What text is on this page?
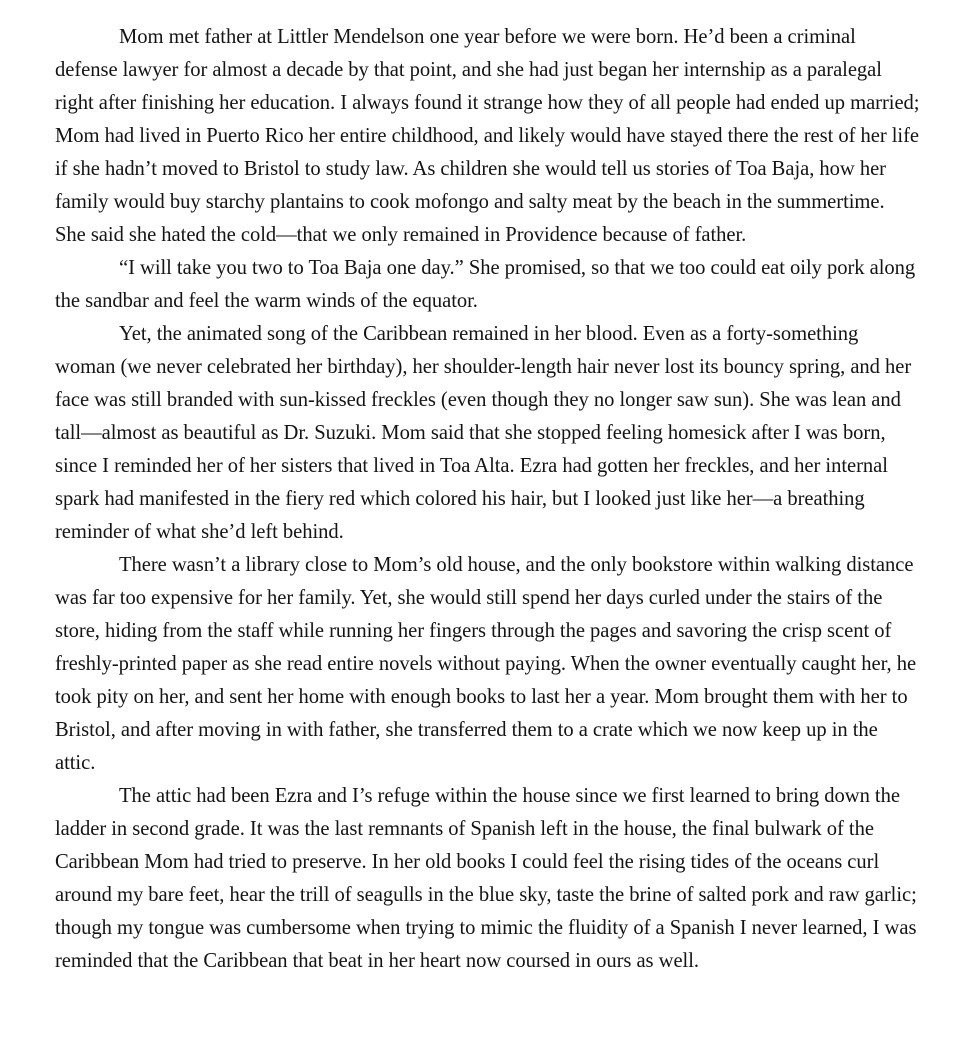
Mom met father at Littler Mendelson one year before we were born. He’d been a criminal defense lawyer for almost a decade by that point, and she had just began her internship as a paralegal right after finishing her education. I always found it strange how they of all people had ended up married; Mom had lived in Puerto Rico her entire childhood, and likely would have stayed there the rest of her life if she hadn’t moved to Bristol to study law. As children she would tell us stories of Toa Baja, how her family would buy starchy plantains to cook mofongo and salty meat by the beach in the summertime. She said she hated the cold—that we only remained in Providence because of father.

“I will take you two to Toa Baja one day.” She promised, so that we too could eat oily pork along the sandbar and feel the warm winds of the equator.

Yet, the animated song of the Caribbean remained in her blood. Even as a forty-something woman (we never celebrated her birthday), her shoulder-length hair never lost its bouncy spring, and her face was still branded with sun-kissed freckles (even though they no longer saw sun). She was lean and tall—almost as beautiful as Dr. Suzuki. Mom said that she stopped feeling homesick after I was born, since I reminded her of her sisters that lived in Toa Alta. Ezra had gotten her freckles, and her internal spark had manifested in the fiery red which colored his hair, but I looked just like her—a breathing reminder of what she’d left behind.

There wasn’t a library close to Mom’s old house, and the only bookstore within walking distance was far too expensive for her family. Yet, she would still spend her days curled under the stairs of the store, hiding from the staff while running her fingers through the pages and savoring the crisp scent of freshly-printed paper as she read entire novels without paying. When the owner eventually caught her, he took pity on her, and sent her home with enough books to last her a year. Mom brought them with her to Bristol, and after moving in with father, she transferred them to a crate which we now keep up in the attic.

The attic had been Ezra and I’s refuge within the house since we first learned to bring down the ladder in second grade. It was the last remnants of Spanish left in the house, the final bulwark of the Caribbean Mom had tried to preserve. In her old books I could feel the rising tides of the oceans curl around my bare feet, hear the trill of seagulls in the blue sky, taste the brine of salted pork and raw garlic; though my tongue was cumbersome when trying to mimic the fluidity of a Spanish I never learned, I was reminded that the Caribbean that beat in her heart now coursed in ours as well.
